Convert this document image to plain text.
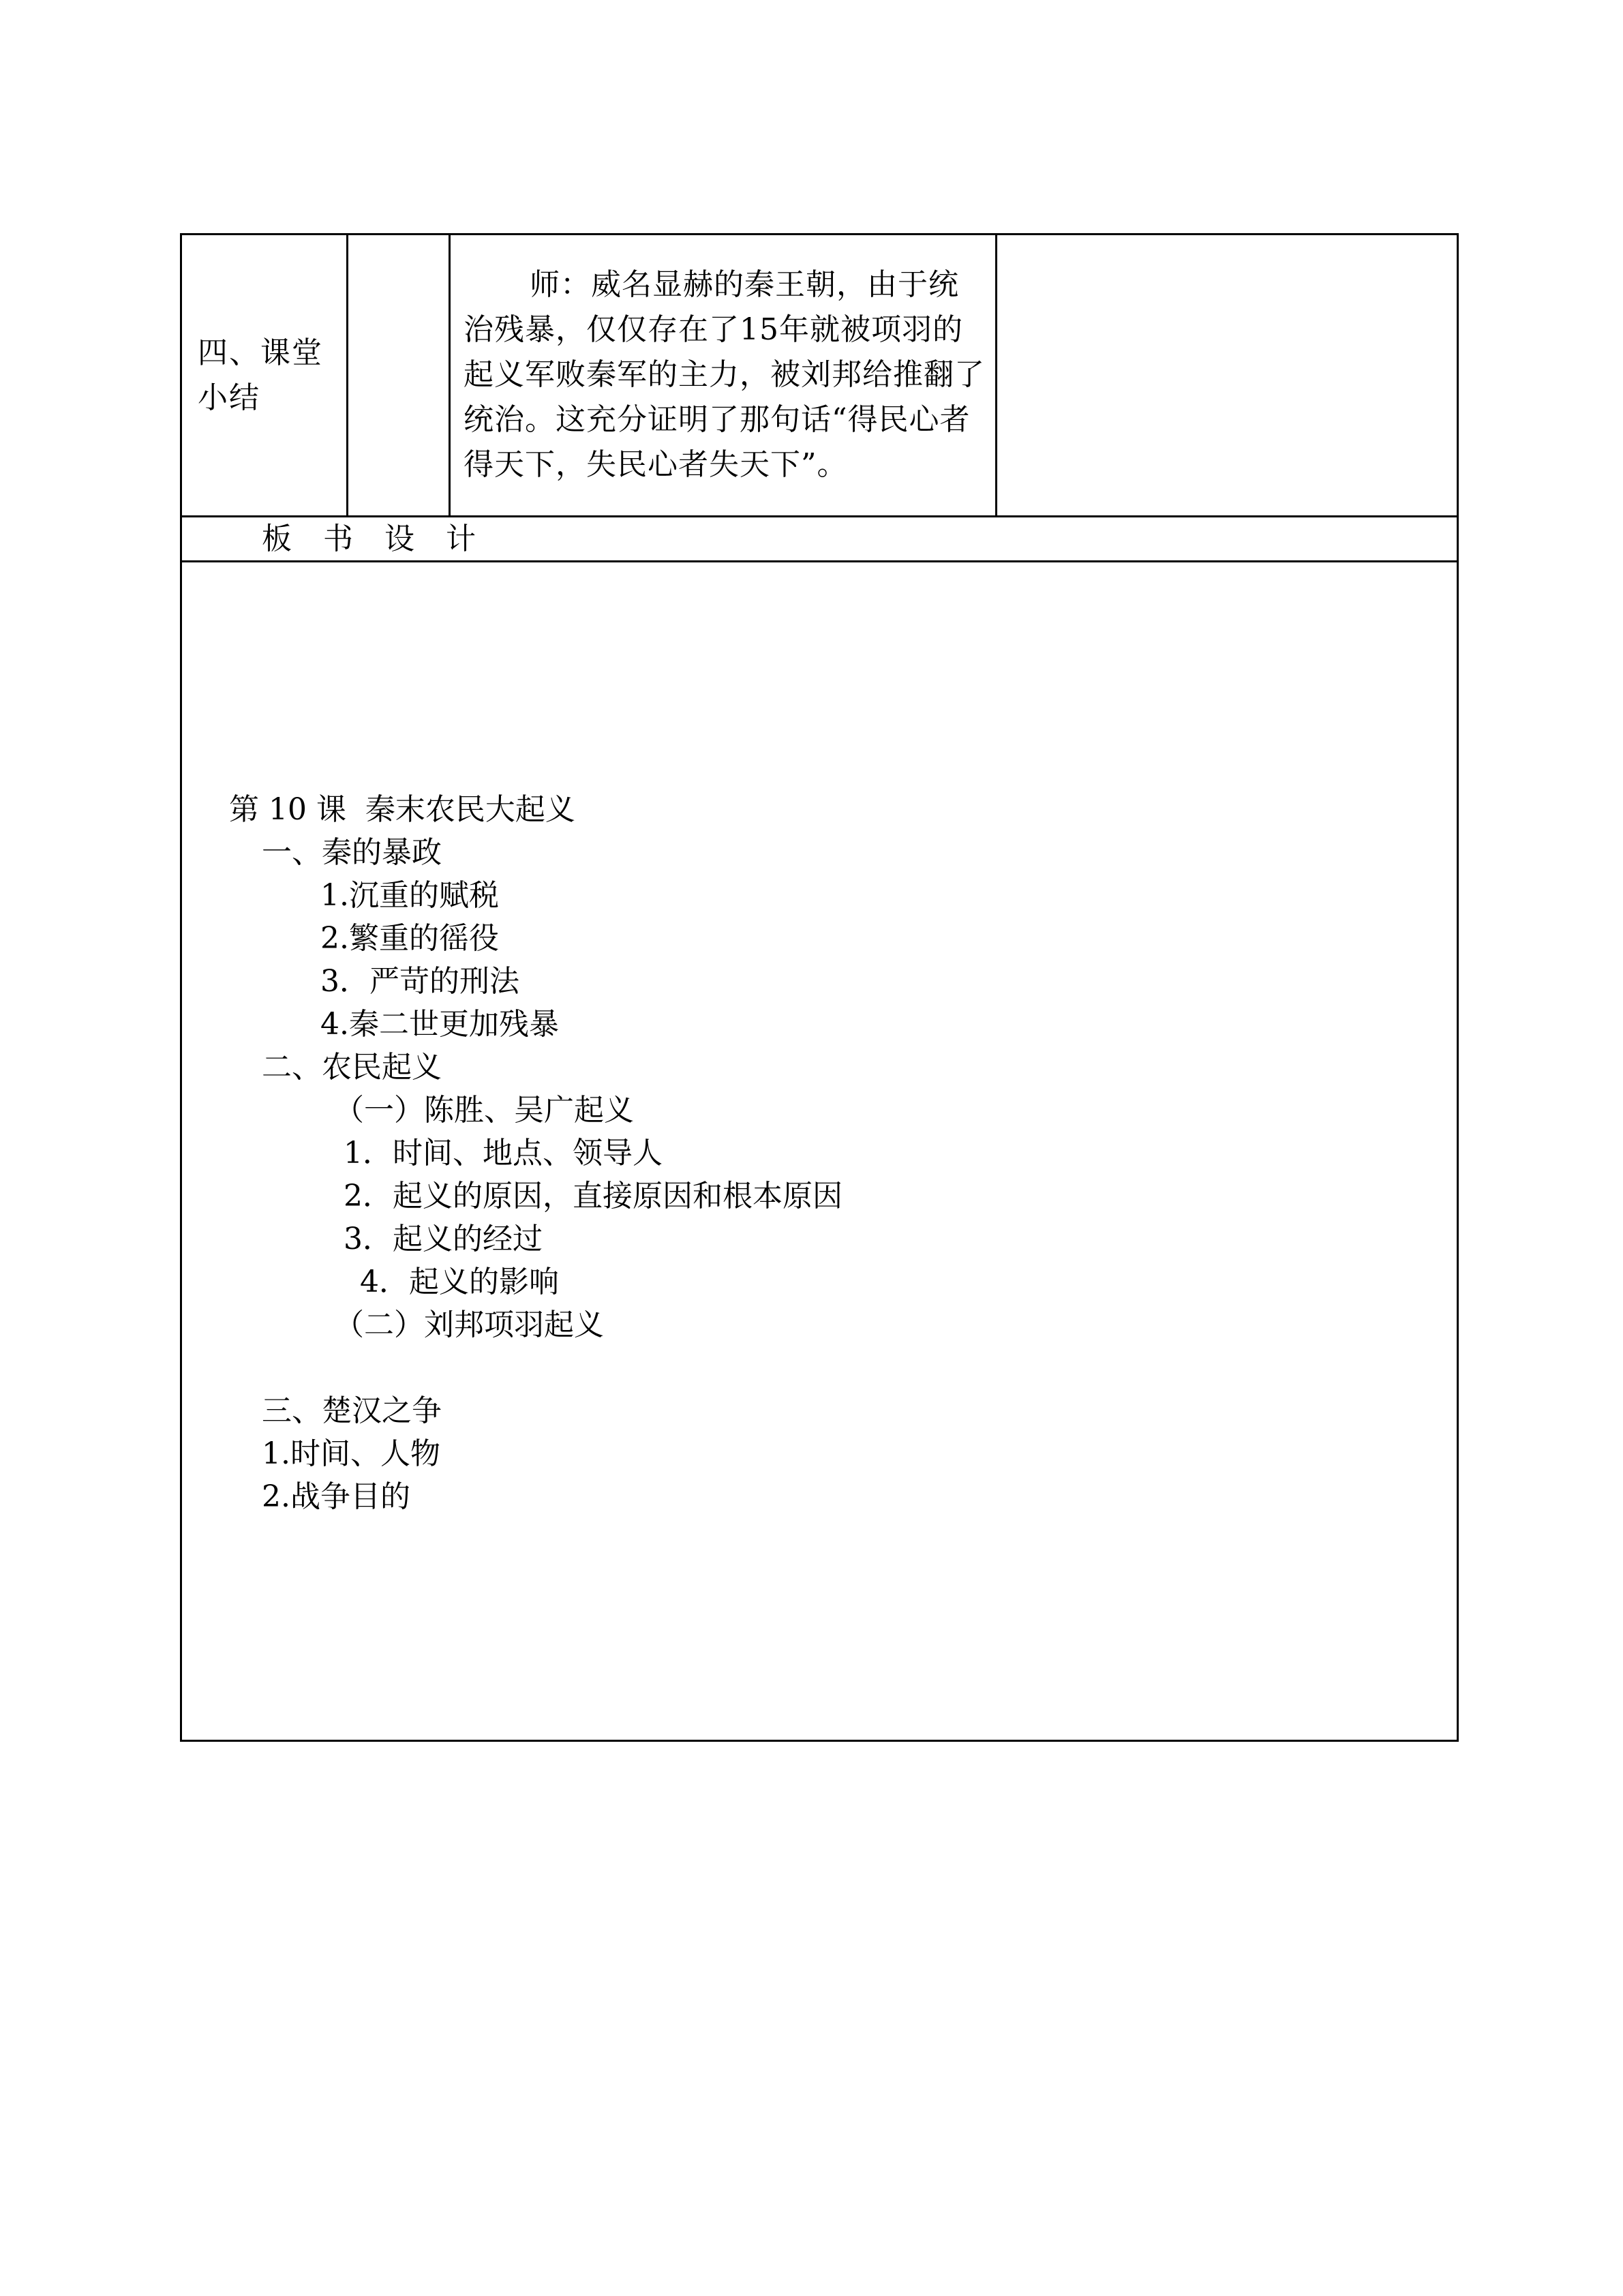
四、课堂小结
师：威名显赫的秦王朝，由于统治残暴，仅仅存在了15年就被项羽的起义军败秦军的主力，被刘邦给推翻了统治。这充分证明了那句话“得民心者得天下，失民心者失天下”。
板 书 设 计
第 10 课  秦末农民大起义
一、秦的暴政
1.沉重的赋税
2.繁重的徭役
3．严苛的刑法
4.秦二世更加残暴
二、农民起义
（一）陈胜、吴广起义
1．时间、地点、领导人
2．起义的原因，直接原因和根本原因
3．起义的经过
4．起义的影响
（二）刘邦项羽起义
三、楚汉之争
1.时间、人物
2.战争目的
